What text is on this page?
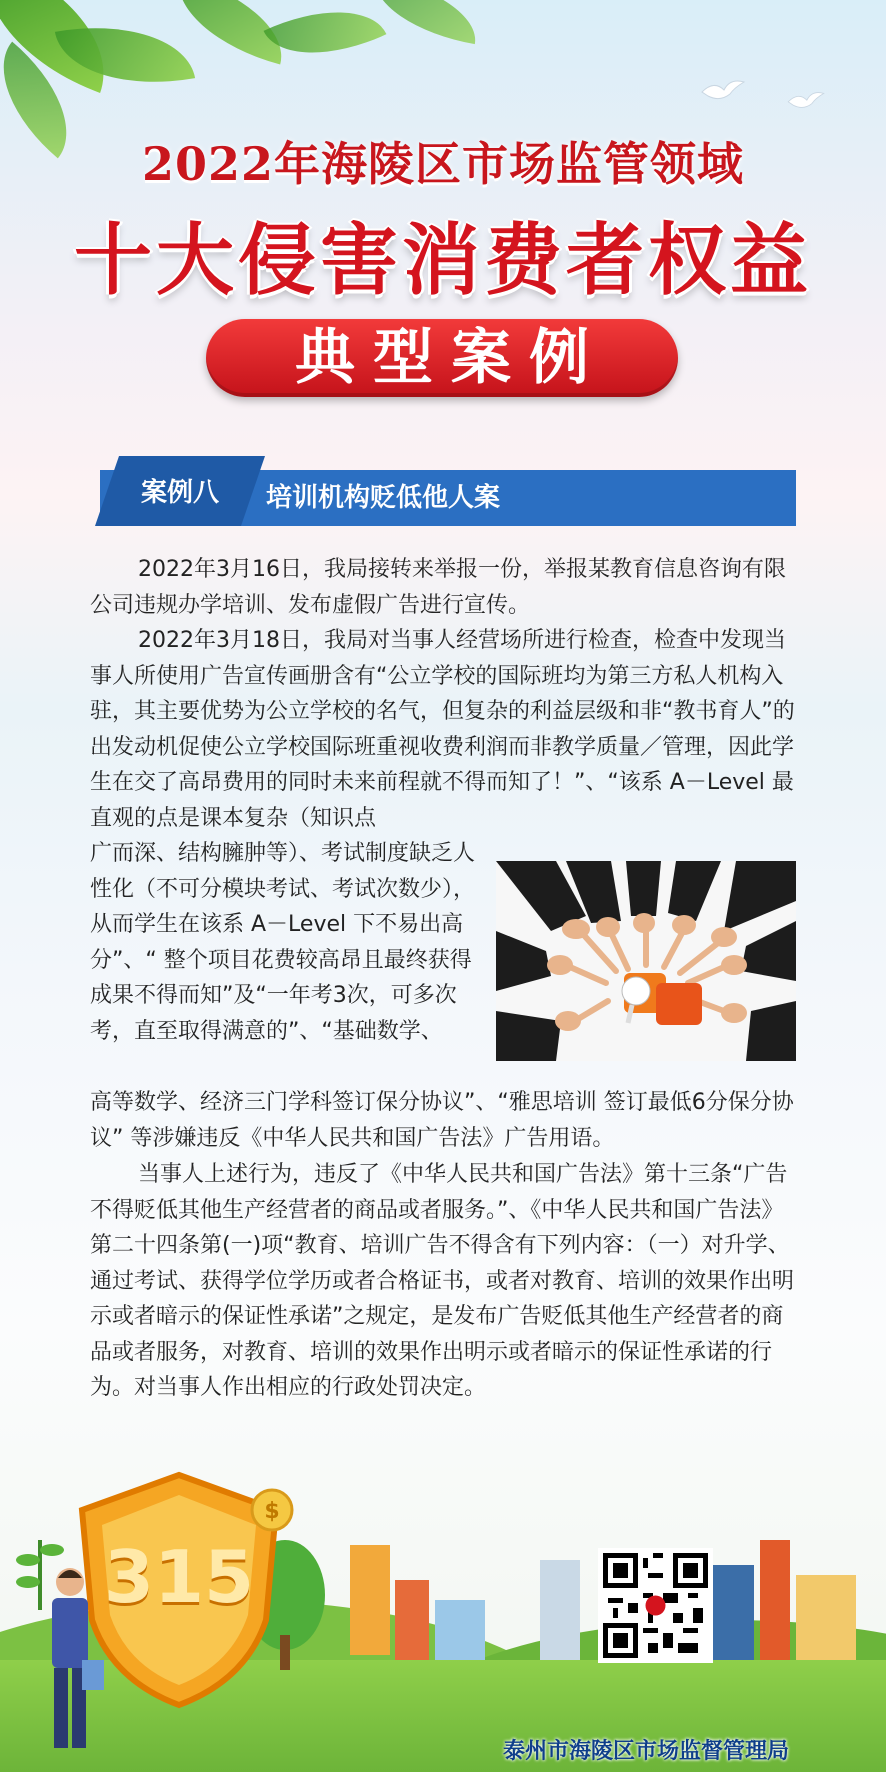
2022年海陵区市场监管领域
十大侵害消费者权益
典型案例
案例八	培训机构贬低他人案

2022年3月16日，我局接转来举报一份，举报某教育信息咨询有限公司违规办学培训、发布虚假广告进行宣传。

2022年3月18日，我局对当事人经营场所进行检查，检查中发现当事人所使用广告宣传画册含有“公立学校的国际班均为第三方私人机构入驻，其主要优势为公立学校的名气，但复杂的利益层级和非“教书育人”的出发动机促使公立学校国际班重视收费利润而非教学质量／管理，因此学生在交了高昂费用的同时未来前程就不得而知了！”、“该系 A－Level 最直观的点是课本复杂（知识点

广而深、结构臃肿等）、考试制度缺乏人性化（不可分模块考试、考试次数少），从而学生在该系 A－Level 下不易出高分”、“ 整个项目花费较高昂且最终获得成果不得而知”及“一年考3次，可多次考，直至取得满意的”、“基础数学、

高等数学、经济三门学科签订保分协议”、“雅思培训 签订最低6分保分协议” 等涉嫌违反《中华人民共和国广告法》广告用语。

当事人上述行为，违反了《中华人民共和国广告法》第十三条“广告不得贬低其他生产经营者的商品或者服务。”、《中华人民共和国广告法》第二十四条第(一)项“教育、培训广告不得含有下列内容：（一）对升学、通过考试、获得学位学历或者合格证书，或者对教育、培训的效果作出明示或者暗示的保证性承诺”之规定，是发布广告贬低其他生产经营者的商品或者服务，对教育、培训的效果作出明示或者暗示的保证性承诺的行为。对当事人作出相应的行政处罚决定。

315
$
泰州市海陵区市场监督管理局
